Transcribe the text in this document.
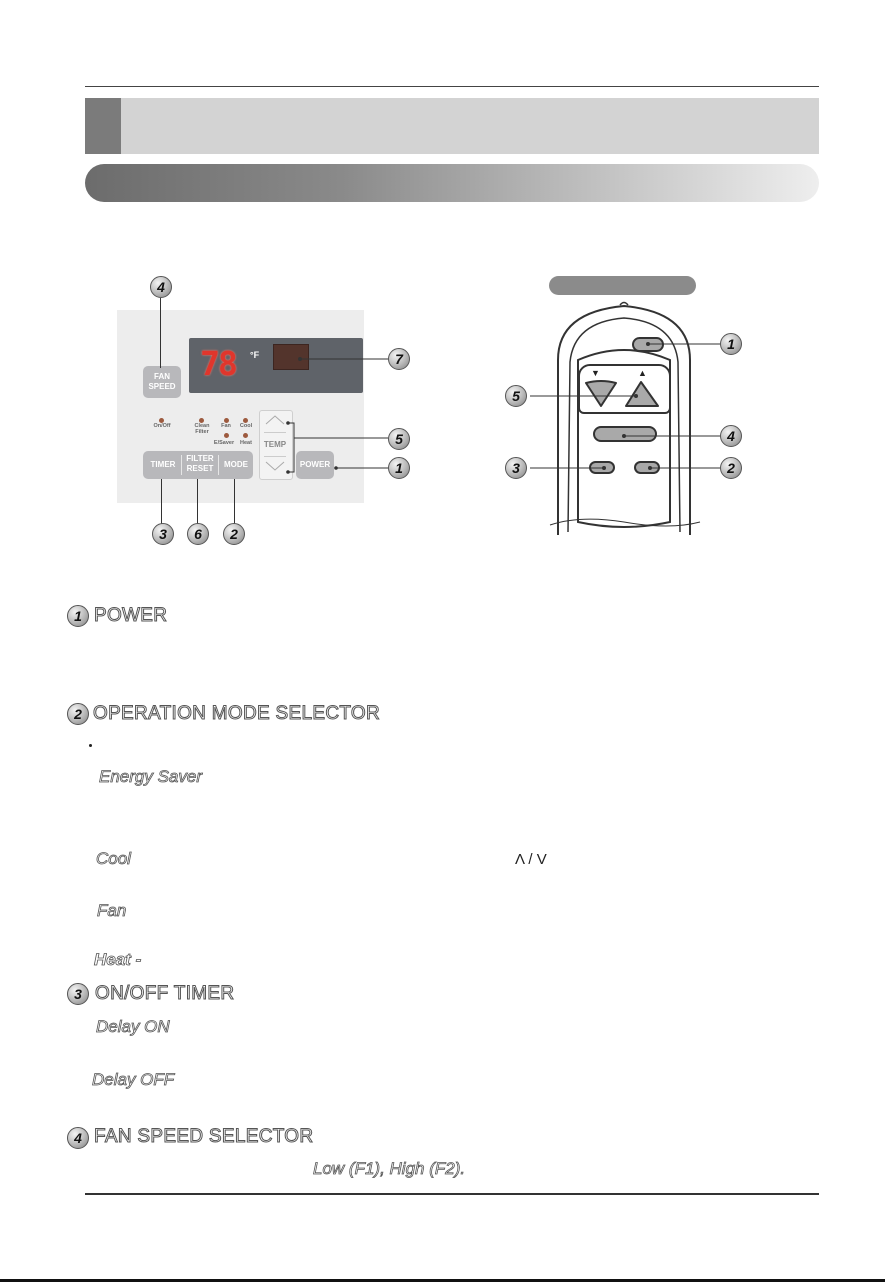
78	°F
FAN
SPEED
On/Off	Clean
Filter
Fan	Cool
E/Saver	Heat
TIMER
FILTER
RESET	MODE
TEMP
POWER
4
7
5
1
3	6	2
▼	▲
1
5
4
3	2
1 POWER
2 OPERATION MODE SELECTOR
Energy Saver
Cool	Λ / V
Fan
Heat -
3 ON/OFF TIMER
Delay ON
Delay OFF
4 FAN SPEED SELECTOR
Low (F1), High (F2).
